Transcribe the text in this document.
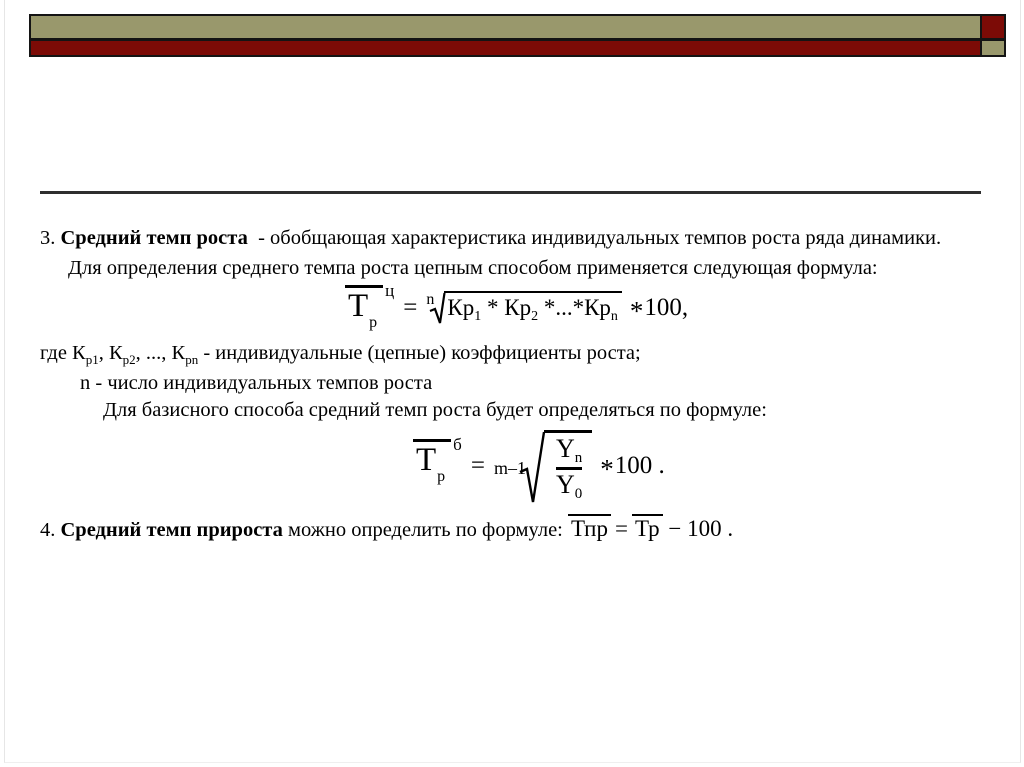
3. Средний темп роста  - обобщающая характеристика индивидуальных темпов роста ряда динамики.
Для определения среднего темпа роста цепным способом применяется следующая формула:
Тр
ц
= n $Кр_1 * Кр_2$ $*...*Кр_n$ *100,
где $К_{р1}$, $К_{р2}$, ..., $К_{рn}$ - индивидуальные (цепные) коэффициенты роста;
n - число индивидуальных темпов роста
Для базисного способа средний темп роста будет определяться по формуле:
Тр
б
= $m-1 \frac{Yn}{Y0} *100$ .
4. Средний темп прироста можно определить по формуле: Тпр = Тр − 100 .
